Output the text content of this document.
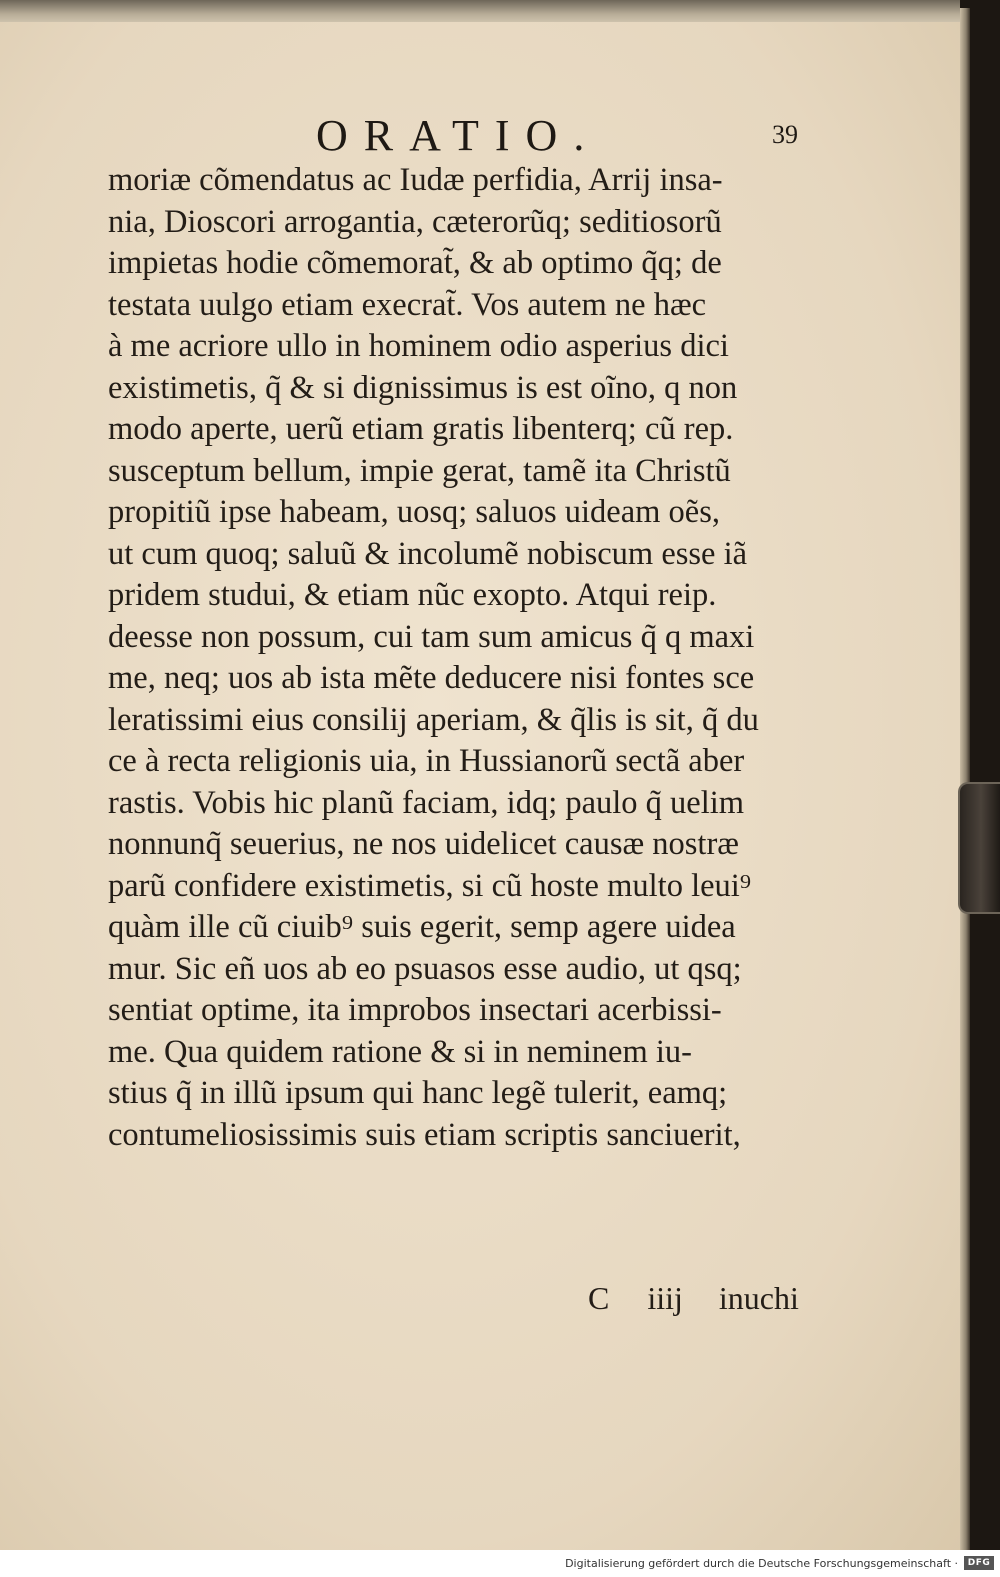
ORATIO.	39
moriæ cõmendatus ac Iudæ perfidia, Arrij insa-
nia, Dioscori arrogantia, cæterorũq; seditiosorũ
impietas hodie cõmemorat̃, & ab optimo q̃q; de
testata uulgo etiam execrat̃. Vos autem ne hæc
à me acriore ullo in hominem odio asperius dici
existimetis, q̃ & si dignissimus is est oĩno, q non
modo aperte, uerũ etiam gratis libenterq; cũ rep.
susceptum bellum, impie gerat, tamẽ ita Christũ
propitiũ ipse habeam, uosq; saluos uideam oẽs,
ut cum quoq; saluũ & incolumẽ nobiscum esse iã
pridem studui, & etiam nũc exopto. Atqui reip.
deesse non possum, cui tam sum amicus q̃ q maxi
me, neq; uos ab ista mẽte deducere nisi fontes sce
leratissimi eius consilij aperiam, & q̃lis is sit, q̃ du
ce à recta religionis uia, in Hussianorũ sectã aber
rastis. Vobis hic planũ faciam, idq; paulo q̃ uelim
nonnunq̃ seuerius, ne nos uidelicet causæ nostræ
parũ confidere existimetis, si cũ hoste multo leui⁹
quàm ille cũ ciuib⁹ suis egerit, semp agere uidea
mur. Sic eñ uos ab eo psuasos esse audio, ut qsq;
sentiat optime, ita improbos insectari acerbissi-
me. Qua quidem ratione & si in neminem iu-
stius q̃ in illũ ipsum qui hanc legẽ tulerit, eamq;
contumeliosissimis suis etiam scriptis sanciuerit,
C iiij inuchi
Digitalisierung gefördert durch die Deutsche Forschungsgemeinschaft ·	DFG
